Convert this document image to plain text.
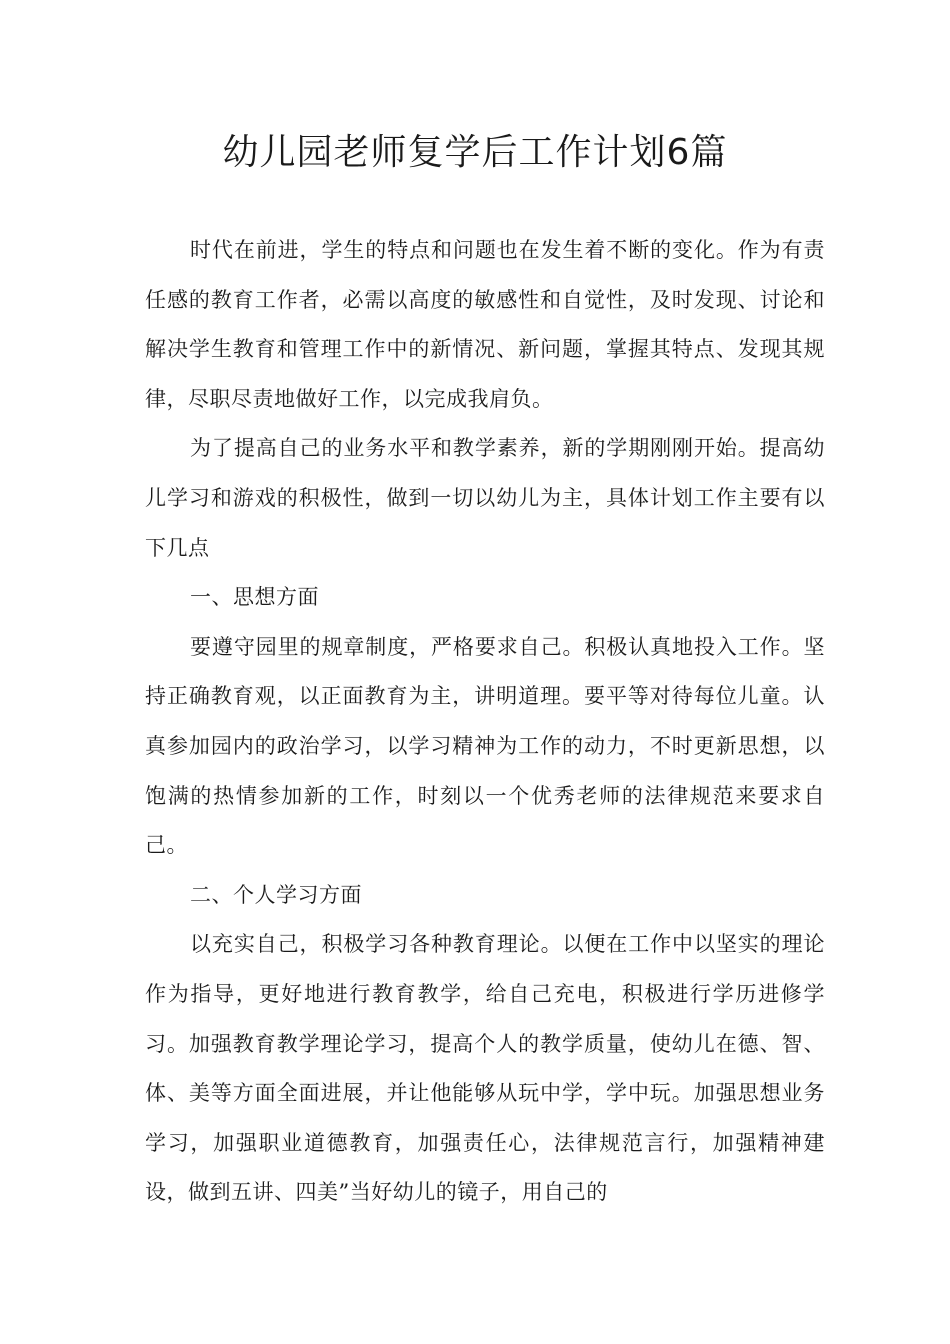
幼儿园老师复学后工作计划6篇

时代在前进，学生的特点和问题也在发生着不断的变化。作为有责任感的教育工作者，必需以高度的敏感性和自觉性，及时发现、讨论和解决学生教育和管理工作中的新情况、新问题，掌握其特点、发现其规律，尽职尽责地做好工作，以完成我肩负。

为了提高自己的业务水平和教学素养，新的学期刚刚开始。提高幼儿学习和游戏的积极性，做到一切以幼儿为主，具体计划工作主要有以下几点

一、思想方面

要遵守园里的规章制度，严格要求自己。积极认真地投入工作。坚持正确教育观，以正面教育为主，讲明道理。要平等对待每位儿童。认真参加园内的政治学习，以学习精神为工作的动力，不时更新思想，以饱满的热情参加新的工作，时刻以一个优秀老师的法律规范来要求自己。

二、个人学习方面

以充实自己，积极学习各种教育理论。以便在工作中以坚实的理论作为指导，更好地进行教育教学，给自己充电，积极进行学历进修学习。加强教育教学理论学习，提高个人的教学质量，使幼儿在德、智、体、美等方面全面进展，并让他能够从玩中学，学中玩。加强思想业务学习，加强职业道德教育，加强责任心，法律规范言行，加强精神建设，做到五讲、四美”当好幼儿的镜子，用自己的
